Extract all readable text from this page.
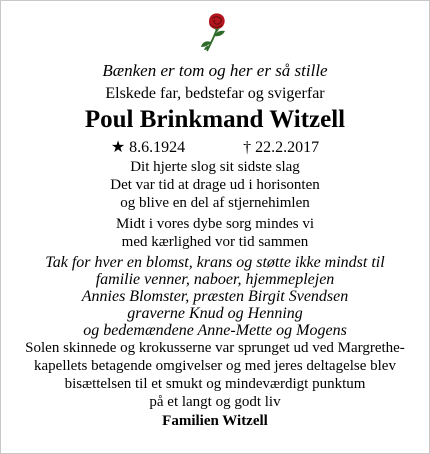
Bænken er tom og her er så stille
Elskede far, bedstefar og svigerfar
Poul Brinkmand Witzell
★ 8.6.1924	† 22.2.2017
Dit hjerte slog sit sidste slag
Det var tid at drage ud i horisonten
og blive en del af stjernehimlen
Midt i vores dybe sorg mindes vi
med kærlighed vor tid sammen
Tak for hver en blomst, krans og støtte ikke mindst til
familie venner, naboer, hjemmeplejen
Annies Blomster, præsten Birgit Svendsen
graverne Knud og Henning
og bedemændene Anne-Mette og Mogens
Solen skinnede og krokusserne var sprunget ud ved Margrethe-
kapellets betagende omgivelser og med jeres deltagelse blev
bisættelsen til et smukt og mindeværdigt punktum
på et langt og godt liv
Familien Witzell
